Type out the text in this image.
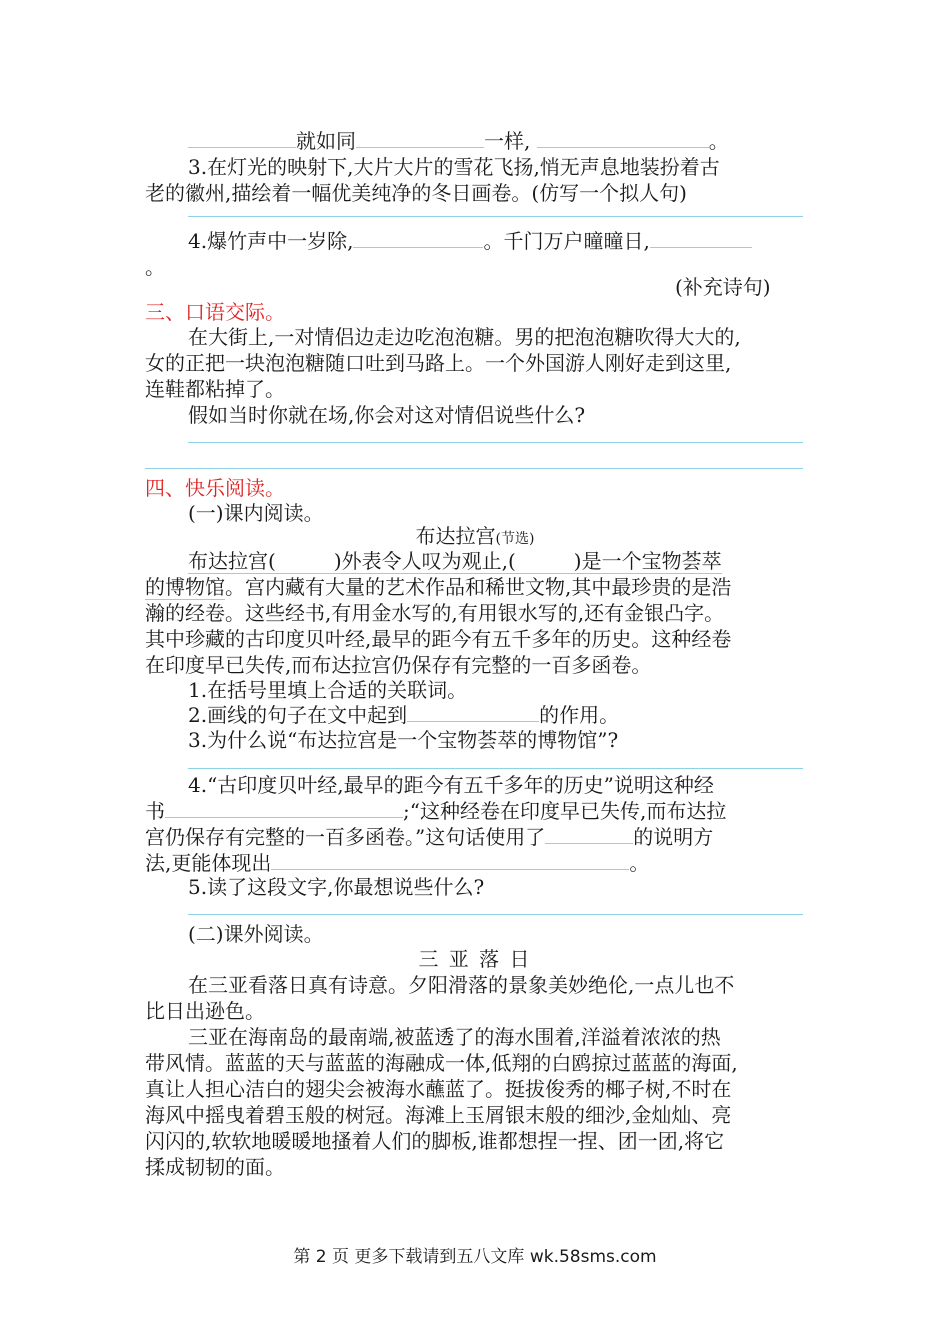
就如同	一样,	。
3.在灯光的映射下,大片大片的雪花飞扬,悄无声息地装扮着古
老的徽州,描绘着一幅优美纯净的冬日画卷。(仿写一个拟人句)
4.爆竹声中一岁除,	。千门万户曈曈日,
。
(补充诗句)
三、口语交际。
在大街上,一对情侣边走边吃泡泡糖。男的把泡泡糖吹得大大的,
女的正把一块泡泡糖随口吐到马路上。一个外国游人刚好走到这里,
连鞋都粘掉了。
假如当时你就在场,你会对这对情侣说些什么?
四、快乐阅读。
(一)课内阅读。
布达拉宫(节选)
布达拉宫(	)外表令人叹为观止,(	)是一个宝物荟萃
的博物馆。宫内藏有大量的艺术作品和稀世文物,其中最珍贵的是浩
瀚的经卷。这些经书,有用金水写的,有用银水写的,还有金银凸字。
其中珍藏的古印度贝叶经,最早的距今有五千多年的历史。这种经卷
在印度早已失传,而布达拉宫仍保存有完整的一百多函卷。
1.在括号里填上合适的关联词。
2.画线的句子在文中起到	的作用。
3.为什么说“布达拉宫是一个宝物荟萃的博物馆”?
4.“古印度贝叶经,最早的距今有五千多年的历史”说明这种经
书	;“这种经卷在印度早已失传,而布达拉
宫仍保存有完整的一百多函卷。”这句话使用了	的说明方
法,更能体现出	。
5.读了这段文字,你最想说些什么?
(二)课外阅读。
三 亚 落 日
在三亚看落日真有诗意。夕阳滑落的景象美妙绝伦,一点儿也不
比日出逊色。
三亚在海南岛的最南端,被蓝透了的海水围着,洋溢着浓浓的热
带风情。蓝蓝的天与蓝蓝的海融成一体,低翔的白鸥掠过蓝蓝的海面,
真让人担心洁白的翅尖会被海水蘸蓝了。挺拔俊秀的椰子树,不时在
海风中摇曳着碧玉般的树冠。海滩上玉屑银末般的细沙,金灿灿、亮
闪闪的,软软地暖暖地搔着人们的脚板,谁都想捏一捏、团一团,将它
揉成韧韧的面。
第 2 页 更多下载请到五八文库 wk.58sms.com
